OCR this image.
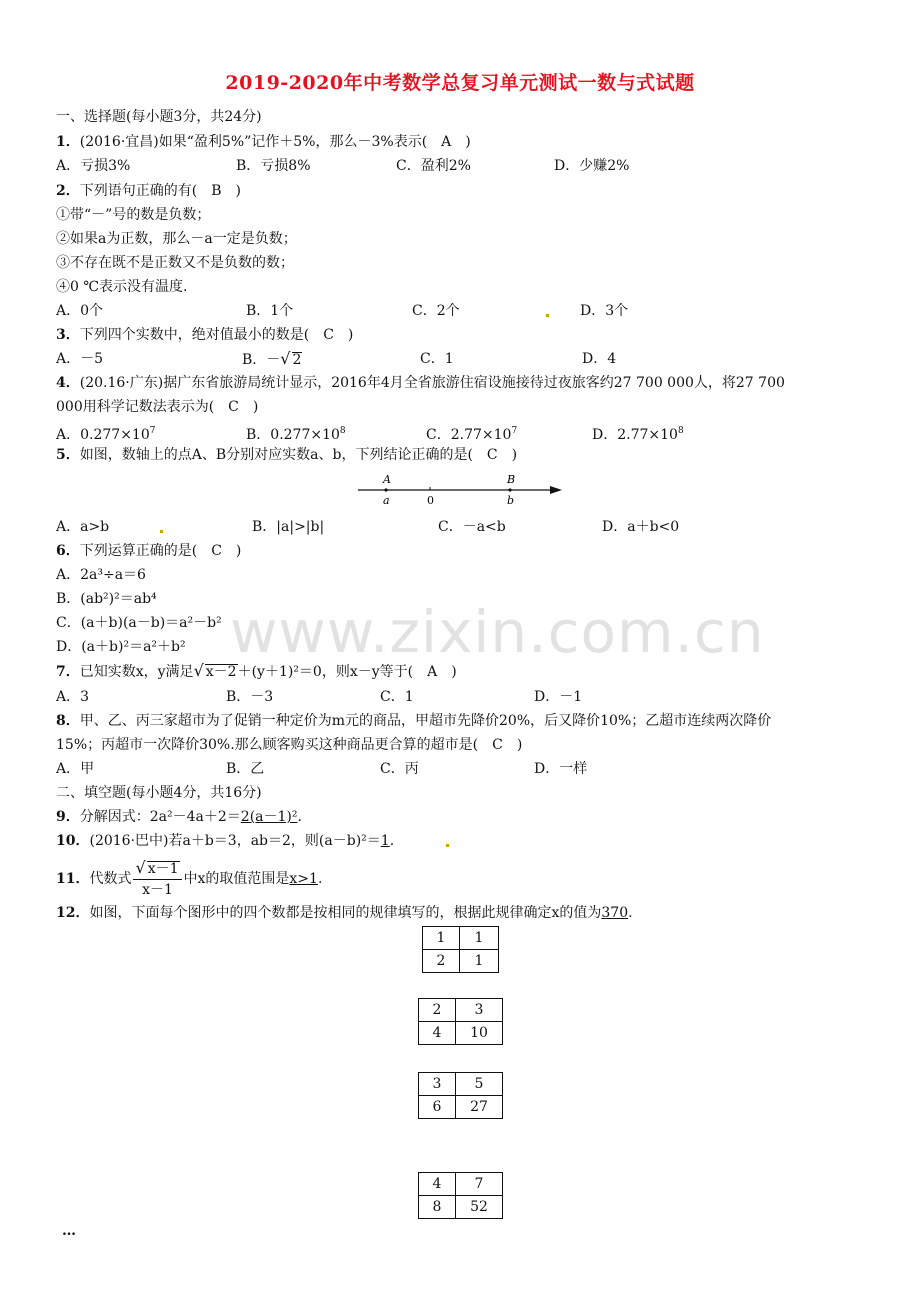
2019-2020年中考数学总复习单元测试一数与式试题
一、选择题(每小题3分，共24分)
1．(2016·宜昌)如果“盈利5%”记作＋5%，那么－3%表示(　A　)
A．亏损3%	B．亏损8%	C．盈利2%	D．少赚2%
2．下列语句正确的有(　B　)
①带“－”号的数是负数；
②如果a为正数，那么－a一定是负数；
③不存在既不是正数又不是负数的数；
④0 ℃表示没有温度.
A．0个	B．1个	C．2个	D．3个
3．下列四个实数中，绝对值最小的数是(　C　)
A．－5	B．－√ 2	C．1	D．4
4．(20.16·广东)据广东省旅游局统计显示，2016年4月全省旅游住宿设施接待过夜旅客约27 700 000人，将27 700
000用科学记数法表示为(　C　)
A．$0.277\times 10^7$	B．$0.277\times 10^8$	C．$2.77\times 10^7$	D．$2.77\times 10^8$
5．如图，数轴上的点A、B分别对应实数a、b，下列结论正确的是(　C　)
A
a	0
B
b
A．a>b	B．|a|>|b|	C．－a<b	D．a＋b<0
6．下列运算正确的是(　C　)
A．2a³÷a＝6
B．(ab²)²＝ab⁴
C．(a＋b)(a－b)＝a²－b²
D．(a＋b)²＝a²＋b² www.zixin.com.cn
7．已知实数x，y满足√ x－2＋(y＋1)²＝0，则x－y等于(　A　)
A．3	B．－3	C．1	D．－1
8．甲、乙、丙三家超市为了促销一种定价为m元的商品，甲超市先降价20%，后又降价10%；乙超市连续两次降价
15%；丙超市一次降价30%.那么顾客购买这种商品更合算的超市是(　C　)
A．甲	B．乙	C．丙	D．一样
二、填空题(每小题4分，共16分)
9．分解因式：2a²－4a＋2＝2(a－1)².
10．(2016·巴中)若a＋b＝3，ab＝2，则(a－b)²＝1.
11．代数式 $\frac{√ x-1}{x-1}$ 中x的取值范围是x>1.
12．如图，下面每个图形中的四个数都是按相同的规律填写的，根据此规律确定x的值为370.
1	1
2	1
2	3
4	10
3	5
6	27
4	7
8	52
…
